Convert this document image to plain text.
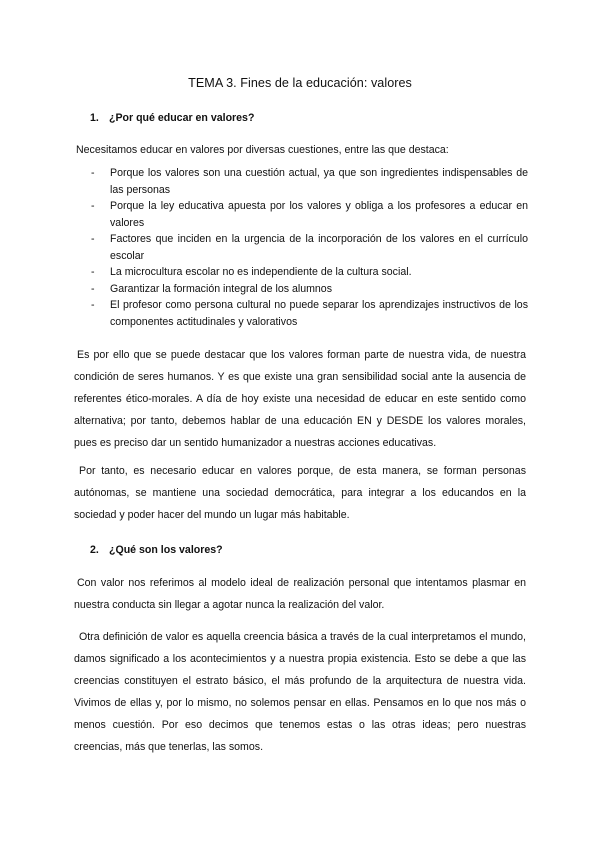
TEMA 3. Fines de la educación: valores
1. ¿Por qué educar en valores?

Necesitamos educar en valores por diversas cuestiones, entre las que destaca:

- Porque los valores son una cuestión actual, ya que son ingredientes indispensables de las personas
- Porque la ley educativa apuesta por los valores y obliga a los profesores a educar en valores
- Factores que inciden en la urgencia de la incorporación de los valores en el currículo escolar
- La microcultura escolar no es independiente de la cultura social.
- Garantizar la formación integral de los alumnos
- El profesor como persona cultural no puede separar los aprendizajes instructivos de los componentes actitudinales y valorativos

Es por ello que se puede destacar que los valores forman parte de nuestra vida, de nuestra condición de seres humanos. Y es que existe una gran sensibilidad social ante la ausencia de referentes ético-morales. A día de hoy existe una necesidad de educar en este sentido como alternativa; por tanto, debemos hablar de una educación EN y DESDE los valores morales, pues es preciso dar un sentido humanizador a nuestras acciones educativas.

Por tanto, es necesario educar en valores porque, de esta manera, se forman personas autónomas, se mantiene una sociedad democrática, para integrar a los educandos en la sociedad y poder hacer del mundo un lugar más habitable.

2. ¿Qué son los valores?

Con valor nos referimos al modelo ideal de realización personal que intentamos plasmar en nuestra conducta sin llegar a agotar nunca la realización del valor.

Otra definición de valor es aquella creencia básica a través de la cual interpretamos el mundo, damos significado a los acontecimientos y a nuestra propia existencia. Esto se debe a que las creencias constituyen el estrato básico, el más profundo de la arquitectura de nuestra vida. Vivimos de ellas y, por lo mismo, no solemos pensar en ellas. Pensamos en lo que nos más o menos cuestión. Por eso decimos que tenemos estas o las otras ideas; pero nuestras creencias, más que tenerlas, las somos.
